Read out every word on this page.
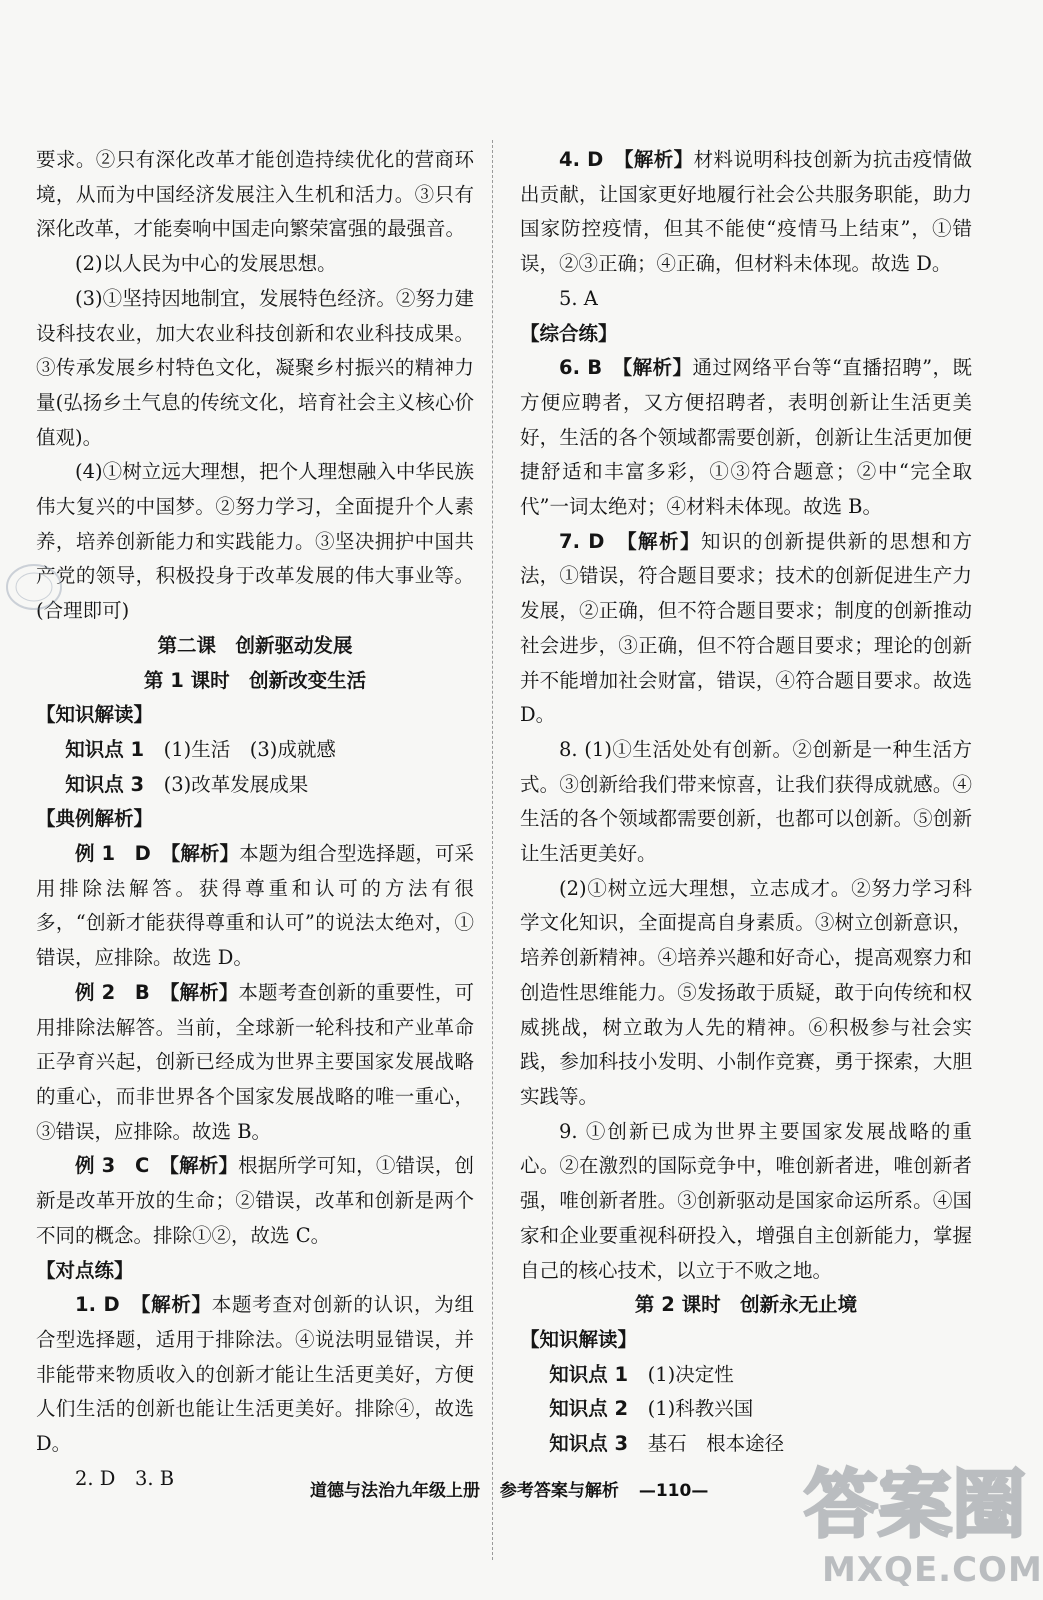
要求。②只有深化改革才能创造持续优化的营商环境，从而为中国经济发展注入生机和活力。③只有深化改革，才能奏响中国走向繁荣富强的最强音。

(2)以人民为中心的发展思想。

(3)①坚持因地制宜，发展特色经济。②努力建设科技农业，加大农业科技创新和农业科技成果。③传承发展乡村特色文化，凝聚乡村振兴的精神力量(弘扬乡土气息的传统文化，培育社会主义核心价值观)。

(4)①树立远大理想，把个人理想融入中华民族伟大复兴的中国梦。②努力学习，全面提升个人素养，培养创新能力和实践能力。③坚决拥护中国共产党的领导，积极投身于改革发展的伟大事业等。(合理即可)

第二课　创新驱动发展

第 1 课时　创新改变生活

【知识解读】

知识点 1  (1)生活　(3)成就感

知识点 3  (3)改革发展成果

【典例解析】

例 1　D　【解析】本题为组合型选择题，可采用排除法解答。获得尊重和认可的方法有很多，“创新才能获得尊重和认可”的说法太绝对，①错误，应排除。故选 D。

例 2　B　【解析】本题考查创新的重要性，可用排除法解答。当前，全球新一轮科技和产业革命正孕育兴起，创新已经成为世界主要国家发展战略的重心，而非世界各个国家发展战略的唯一重心，③错误，应排除。故选 B。

例 3　C　【解析】根据所学可知，①错误，创新是改革开放的生命；②错误，改革和创新是两个不同的概念。排除①②，故选 C。

【对点练】

1. D　【解析】本题考查对创新的认识，为组合型选择题，适用于排除法。④说法明显错误，并非能带来物质收入的创新才能让生活更美好，方便人们生活的创新也能让生活更美好。排除④，故选 D。

2. D　3. B

4. D　【解析】材料说明科技创新为抗击疫情做出贡献，让国家更好地履行社会公共服务职能，助力国家防控疫情，但其不能使“疫情马上结束”，①错误，②③正确；④正确，但材料未体现。故选 D。

5. A

【综合练】

6. B　【解析】通过网络平台等“直播招聘”，既方便应聘者，又方便招聘者，表明创新让生活更美好，生活的各个领域都需要创新，创新让生活更加便捷舒适和丰富多彩，①③符合题意；②中“完全取代”一词太绝对；④材料未体现。故选 B。

7. D　【解析】知识的创新提供新的思想和方法，①错误，符合题目要求；技术的创新促进生产力发展，②正确，但不符合题目要求；制度的创新推动社会进步，③正确，但不符合题目要求；理论的创新并不能增加社会财富，错误，④符合题目要求。故选 D。

8. (1)①生活处处有创新。②创新是一种生活方式。③创新给我们带来惊喜，让我们获得成就感。④生活的各个领域都需要创新，也都可以创新。⑤创新让生活更美好。

(2)①树立远大理想，立志成才。②努力学习科学文化知识，全面提高自身素质。③树立创新意识，培养创新精神。④培养兴趣和好奇心，提高观察力和创造性思维能力。⑤发扬敢于质疑，敢于向传统和权威挑战，树立敢为人先的精神。⑥积极参与社会实践，参加科技小发明、小制作竞赛，勇于探索，大胆实践等。

9. ①创新已成为世界主要国家发展战略的重心。②在激烈的国际竞争中，唯创新者进，唯创新者强，唯创新者胜。③创新驱动是国家命运所系。④国家和企业要重视科研投入，增强自主创新能力，掌握自己的核心技术，以立于不败之地。

第 2 课时　创新永无止境

【知识解读】

知识点 1  (1)决定性

知识点 2  (1)科教兴国

知识点 3  基石　根本途径

道德与法治九年级上册 参考答案与解析 —110—	答案圈
MXQE.COM
